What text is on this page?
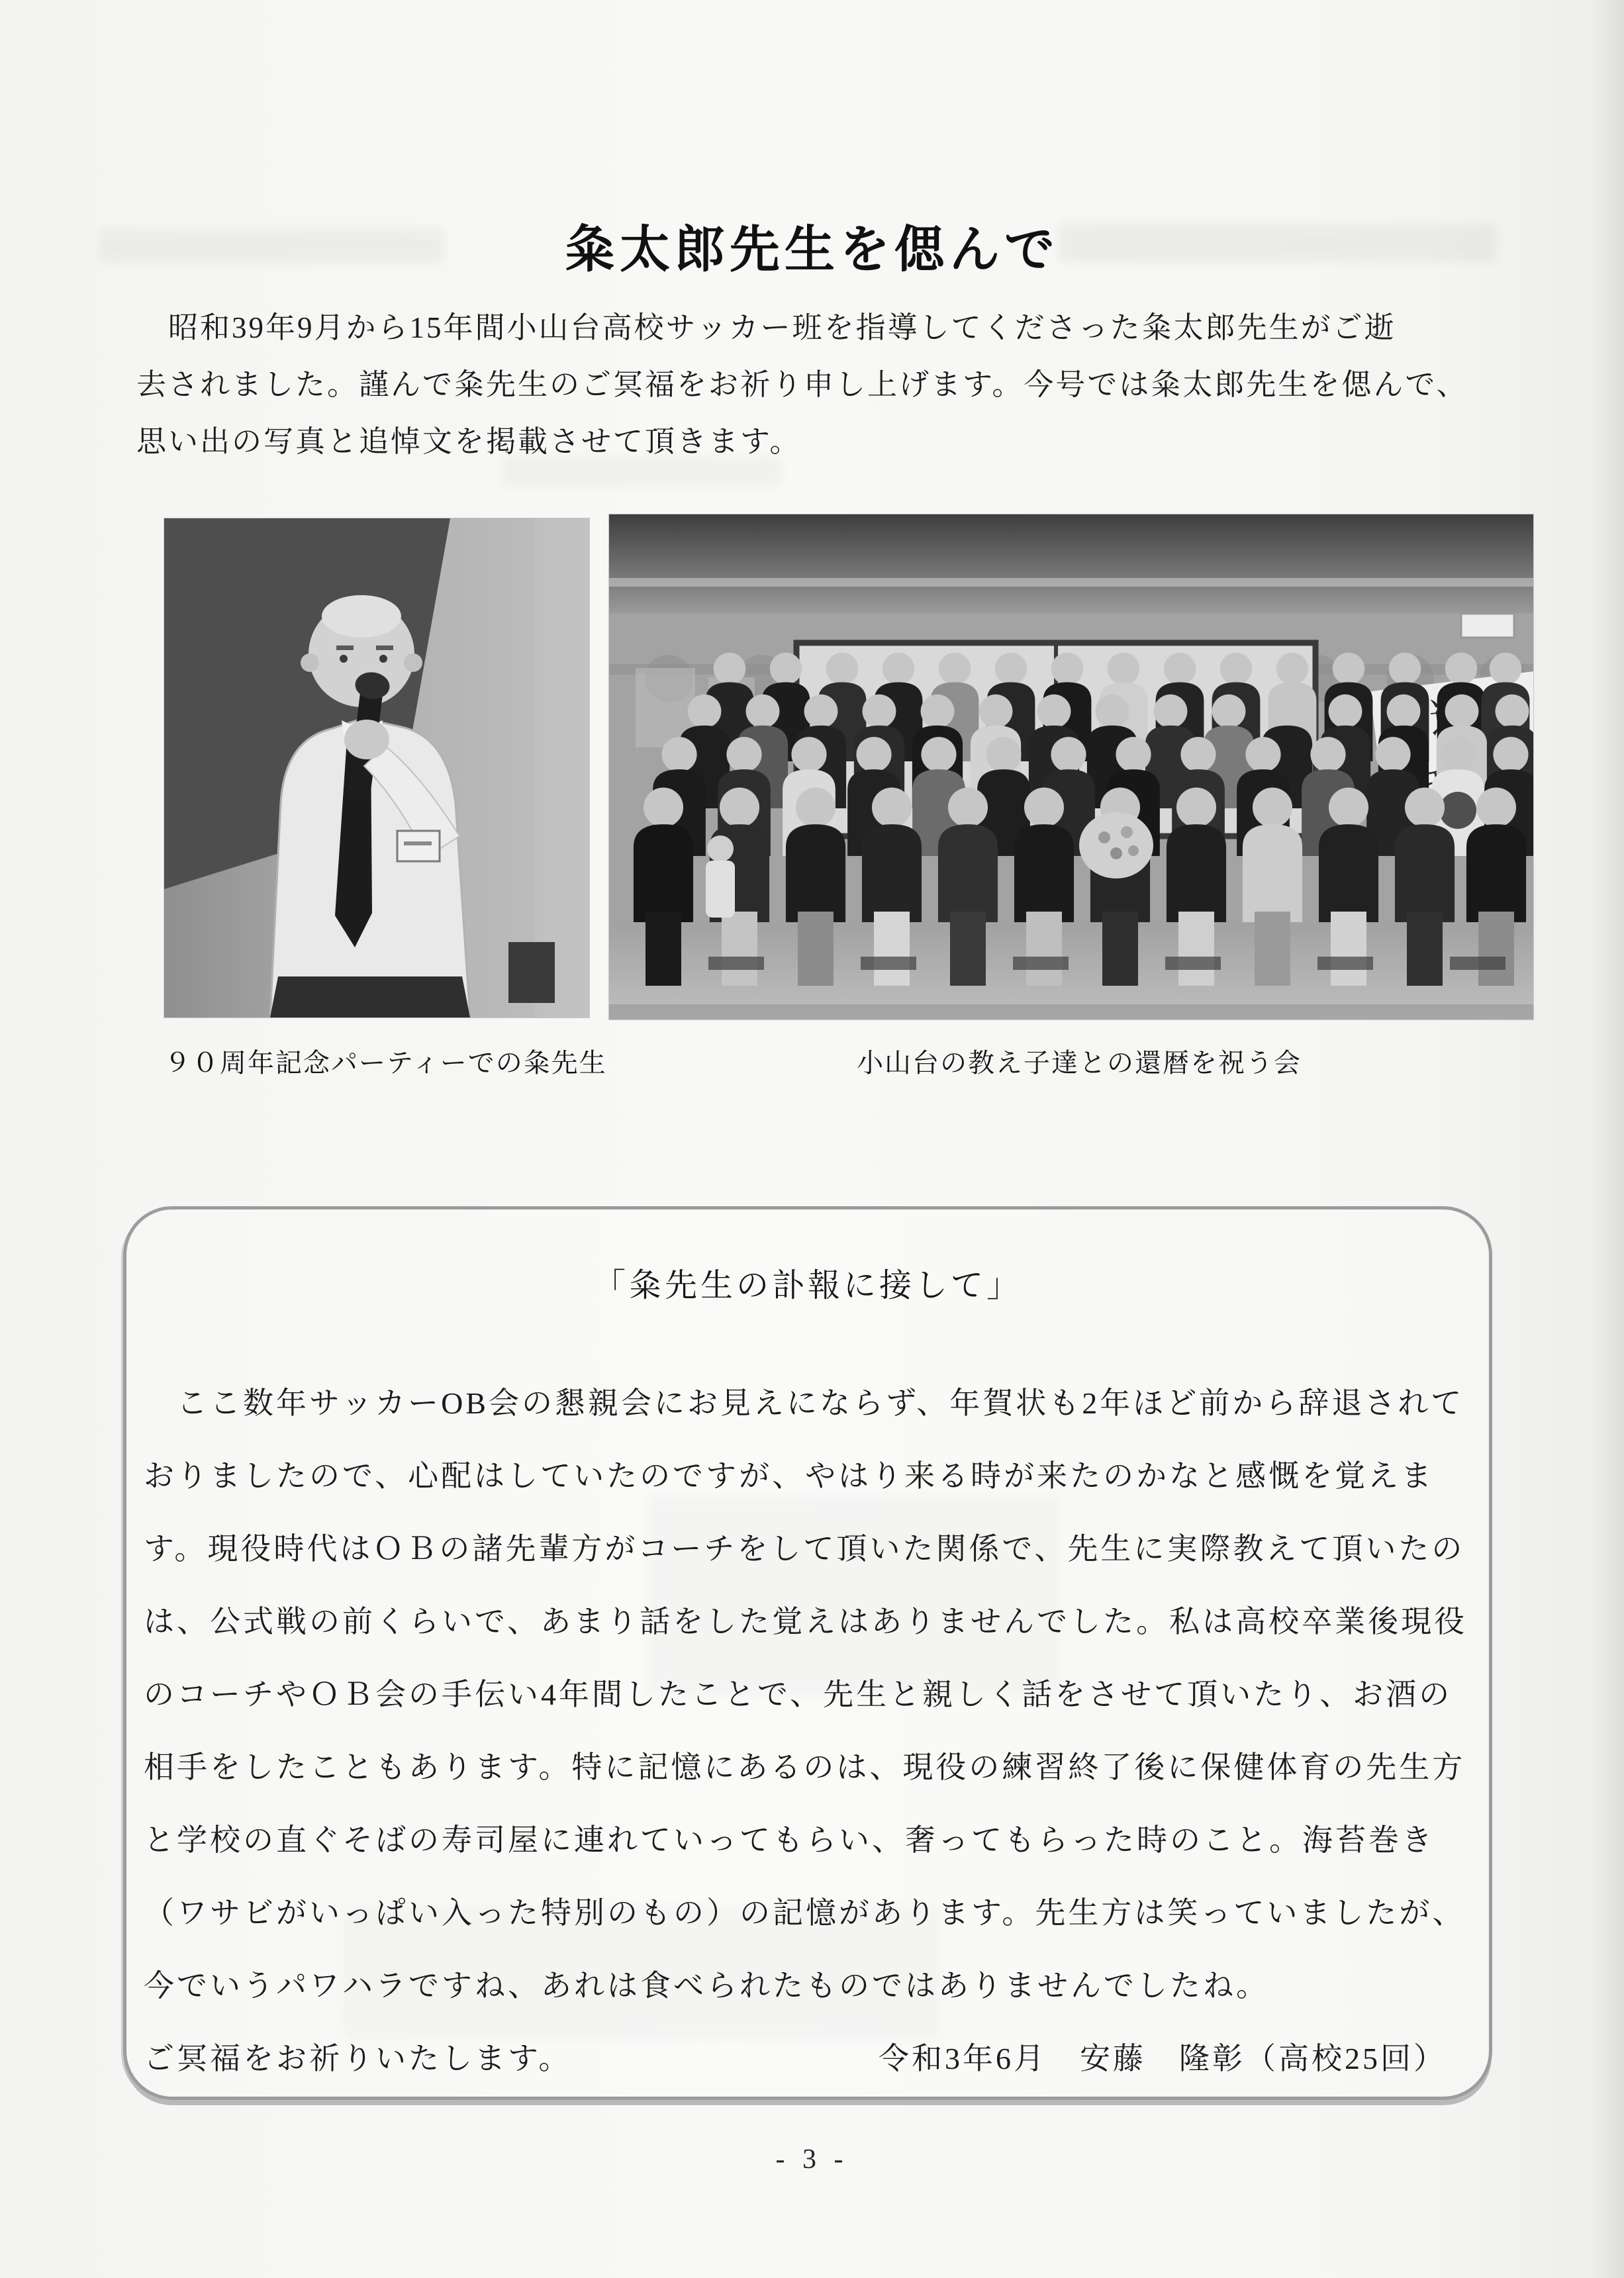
粂太郎先生を偲んで
　昭和39年9月から15年間小山台高校サッカー班を指導してくださった粂太郎先生がご逝
去されました。謹んで粂先生のご冥福をお祈り申し上げます。今号では粂太郎先生を偲んで、
思い出の写真と追悼文を掲載させて頂きます。
９０周年記念パーティーでの粂先生	小山台の教え子達との還暦を祝う会
「粂先生の訃報に接して」
　ここ数年サッカーOB会の懇親会にお見えにならず、年賀状も2年ほど前から辞退されて
おりましたので、心配はしていたのですが、やはり来る時が来たのかなと感慨を覚えま
す。現役時代はＯＢの諸先輩方がコーチをして頂いた関係で、先生に実際教えて頂いたの
は、公式戦の前くらいで、あまり話をした覚えはありませんでした。私は高校卒業後現役
のコーチやＯＢ会の手伝い4年間したことで、先生と親しく話をさせて頂いたり、お酒の
相手をしたこともあります。特に記憶にあるのは、現役の練習終了後に保健体育の先生方
と学校の直ぐそばの寿司屋に連れていってもらい、奢ってもらった時のこと。海苔巻き
（ワサビがいっぱい入った特別のもの）の記憶があります。先生方は笑っていましたが、
今でいうパワハラですね、あれは食べられたものではありませんでしたね。
ご冥福をお祈りいたします。	令和3年6月　安藤　隆彰（高校25回）
- 3 -
